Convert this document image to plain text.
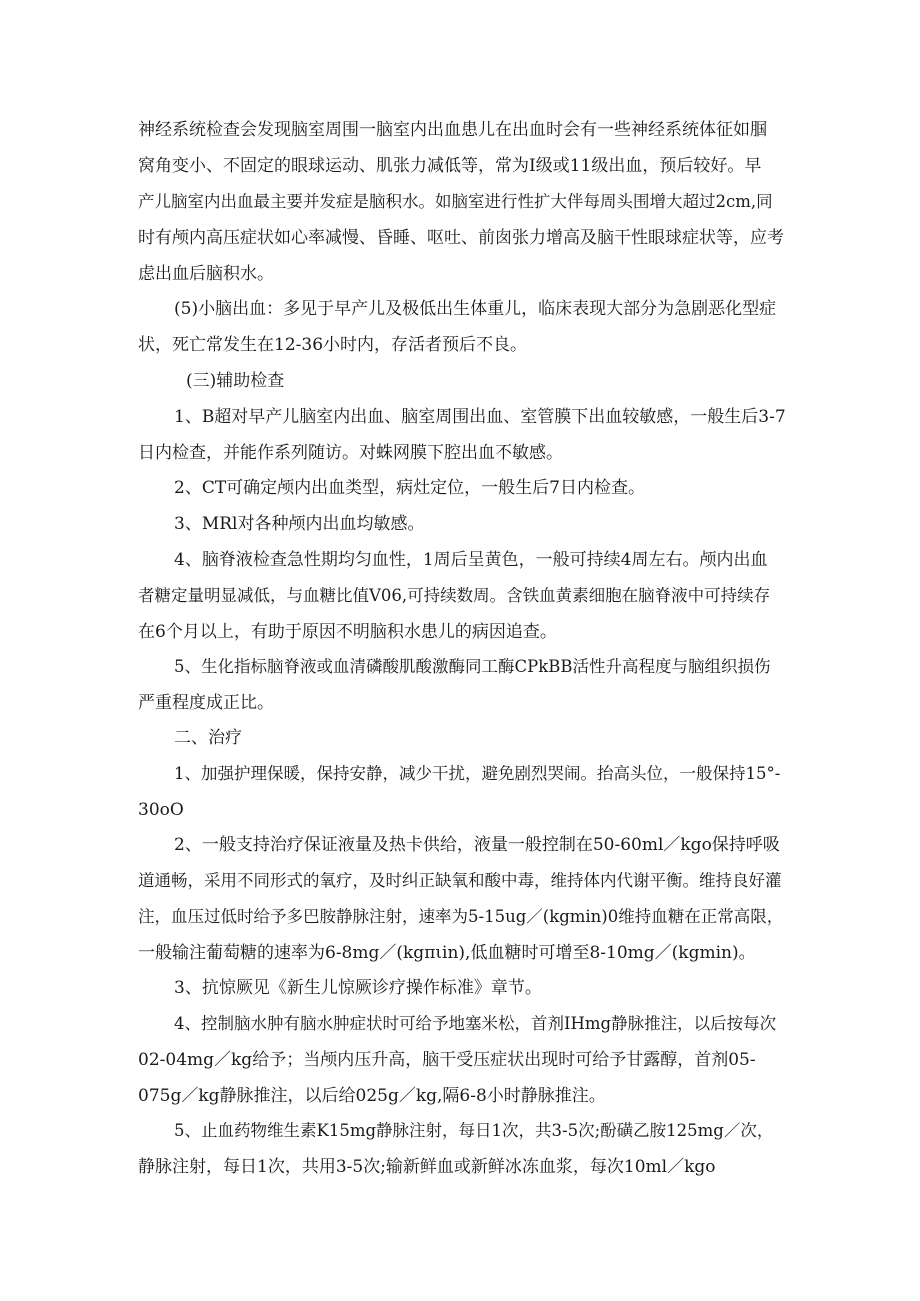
神经系统检查会发现脑室周围一脑室内出血患儿在出血时会有一些神经系统体征如腘
窝角变小、不固定的眼球运动、肌张力减低等，常为Ⅰ级或11级出血，预后较好。早
产儿脑室内出血最主要并发症是脑积水。如脑室进行性扩大伴每周头围增大超过2cm,同
时有颅内高压症状如心率减慢、昏睡、呕吐、前囱张力增高及脑干性眼球症状等，应考
虑出血后脑积水。

(5)小脑出血：多见于早产儿及极低出生体重儿，临床表现大部分为急剧恶化型症
状，死亡常发生在12-36小时内，存活者预后不良。

(三)辅助检查

1、B超对早产儿脑室内出血、脑室周围出血、室管膜下出血较敏感，一般生后3-7
日内检查，并能作系列随访。对蛛网膜下腔出血不敏感。

2、CT可确定颅内出血类型，病灶定位，一般生后7日内检查。

3、MRl对各种颅内出血均敏感。

4、脑脊液检查急性期均匀血性，1周后呈黄色，一般可持续4周左右。颅内出血
者糖定量明显减低，与血糖比值V06,可持续数周。含铁血黄素细胞在脑脊液中可持续存
在6个月以上，有助于原因不明脑积水患儿的病因追查。

5、生化指标脑脊液或血清磷酸肌酸激酶同工酶CPkBB活性升高程度与脑组织损伤
严重程度成正比。

二、治疗

1、加强护理保暖，保持安静，减少干扰，避免剧烈哭闹。抬高头位，一般保持15°-
30oO

2、一般支持治疗保证液量及热卡供给，液量一般控制在50-60ml／kgo保持呼吸
道通畅，采用不同形式的氧疗，及时纠正缺氧和酸中毒，维持体内代谢平衡。维持良好灌
注，血压过低时给予多巴胺静脉注射，速率为5-15ug／(kgmin)0维持血糖在正常高限，
一般输注葡萄糖的速率为6-8mg／(kgπιin),低血糖时可增至8-10mg／(kgmin)。

3、抗惊厥见《新生儿惊厥诊疗操作标准》章节。

4、控制脑水肿有脑水肿症状时可给予地塞米松，首剂IHmg静脉推注，以后按每次
02-04mg／kg给予；当颅内压升高，脑干受压症状出现时可给予甘露醇，首剂05-
075g／kg静脉推注，以后给025g／kg,隔6-8小时静脉推注。

5、止血药物维生素K15mg静脉注射，每日1次，共3-5次;酚磺乙胺125mg／次，
静脉注射，每日1次，共用3-5次;输新鲜血或新鲜冰冻血浆，每次10ml／kgo
